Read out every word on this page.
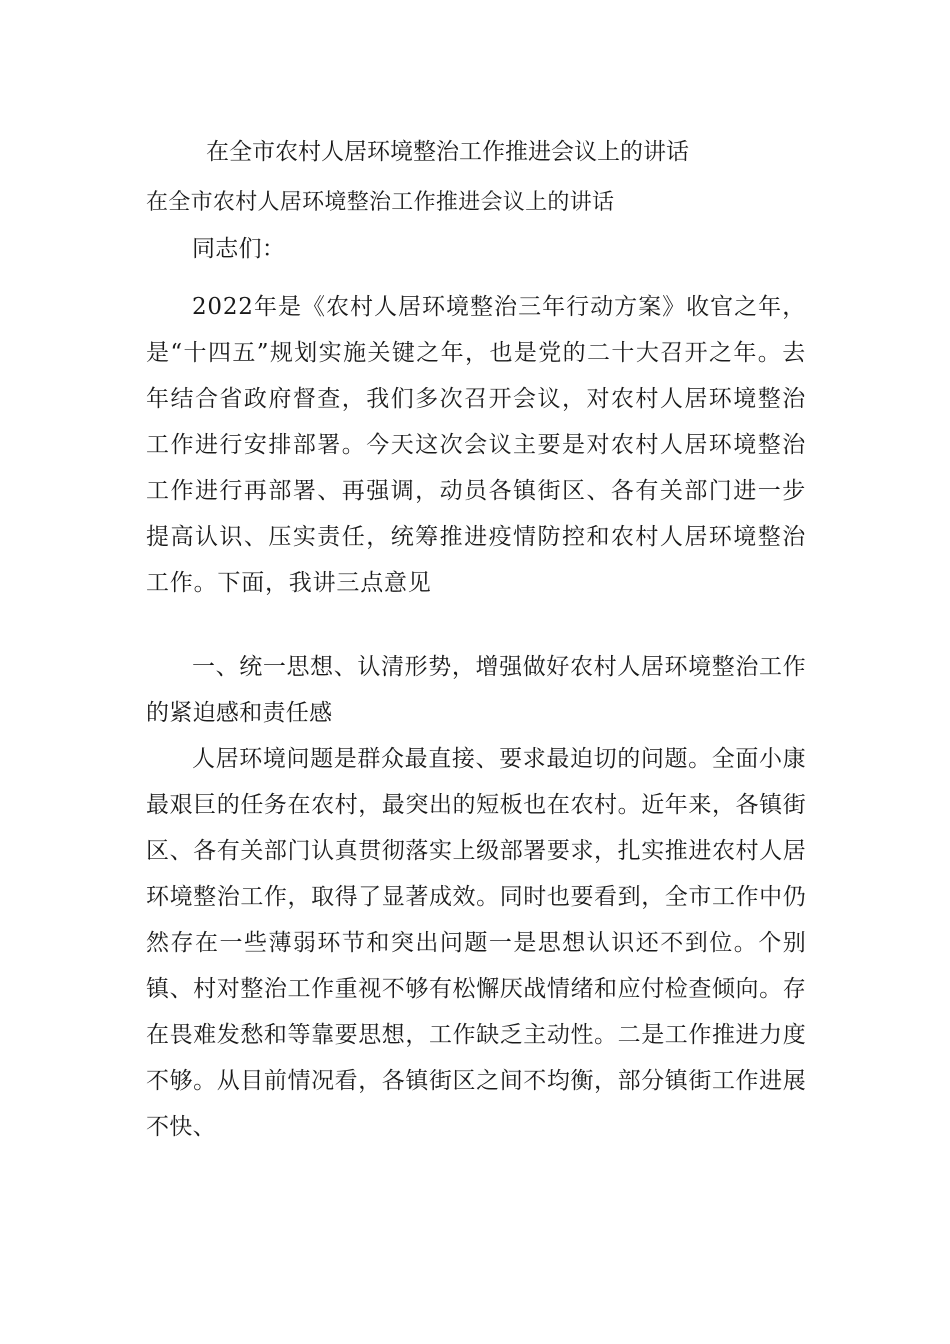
在全市农村人居环境整治工作推进会议上的讲话

在全市农村人居环境整治工作推进会议上的讲话

同志们：

2022年是《农村人居环境整治三年行动方案》收官之年，是“十四五”规划实施关键之年，也是党的二十大召开之年。去年结合省政府督查，我们多次召开会议，对农村人居环境整治工作进行安排部署。今天这次会议主要是对农村人居环境整治工作进行再部署、再强调，动员各镇街区、各有关部门进一步提高认识、压实责任，统筹推进疫情防控和农村人居环境整治工作。下面，我讲三点意见

一、统一思想、认清形势，增强做好农村人居环境整治工作的紧迫感和责任感

人居环境问题是群众最直接、要求最迫切的问题。全面小康最艰巨的任务在农村，最突出的短板也在农村。近年来，各镇街区、各有关部门认真贯彻落实上级部署要求，扎实推进农村人居环境整治工作，取得了显著成效。同时也要看到，全市工作中仍然存在一些薄弱环节和突出问题一是思想认识还不到位。个别镇、村对整治工作重视不够有松懈厌战情绪和应付检查倾向。存在畏难发愁和等靠要思想，工作缺乏主动性。二是工作推进力度不够。从目前情况看，各镇街区之间不均衡，部分镇街工作进展不快、
